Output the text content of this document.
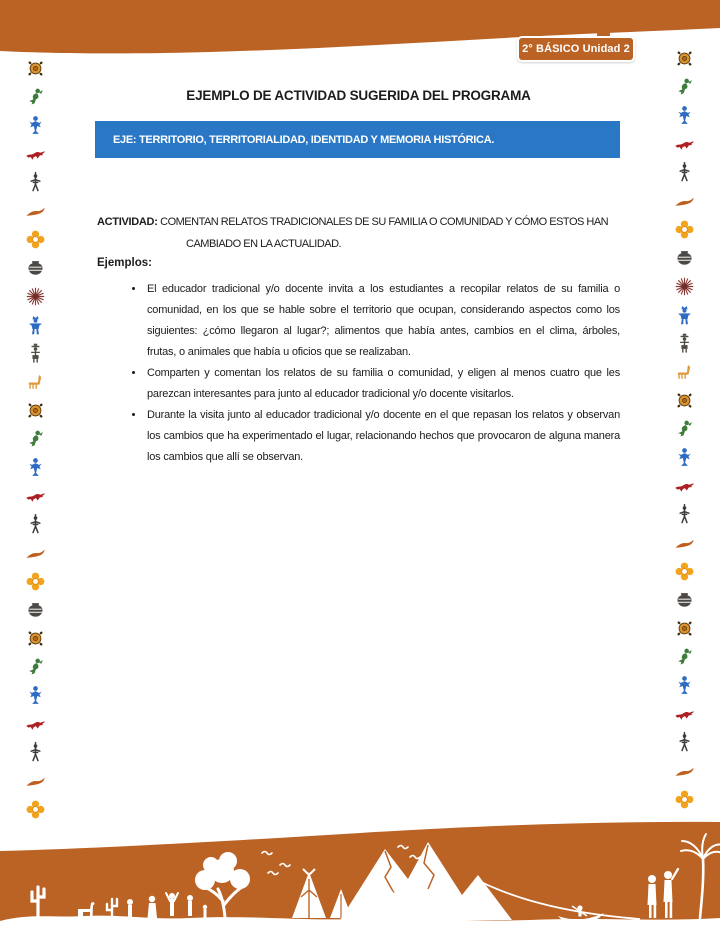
2° BÁSICO Unidad 2
EJEMPLO DE ACTIVIDAD SUGERIDA DEL PROGRAMA
EJE: TERRITORIO, TERRITORIALIDAD, IDENTIDAD Y MEMORIA HISTÓRICA.

ACTIVIDAD: COMENTAN RELATOS TRADICIONALES DE SU FAMILIA O COMUNIDAD Y CÓMO ESTOS HAN CAMBIADO EN LA ACTUALIDAD.

Ejemplos:
• El educador tradicional y/o docente invita a los estudiantes a recopilar relatos de su familia o comunidad, en los que se hable sobre el territorio que ocupan, considerando aspectos como los siguientes: ¿cómo llegaron al lugar?; alimentos que había antes, cambios en el clima, árboles, frutas, o animales que había u oficios que se realizaban.
• Comparten y comentan los relatos de su familia o comunidad, y eligen al menos cuatro que les parezcan interesantes para junto al educador tradicional y/o docente visitarlos.
• Durante la visita junto al educador tradicional y/o docente en el que repasan los relatos y observan los cambios que ha experimentado el lugar, relacionando hechos que provocaron de alguna manera los cambios que allí se observan.
